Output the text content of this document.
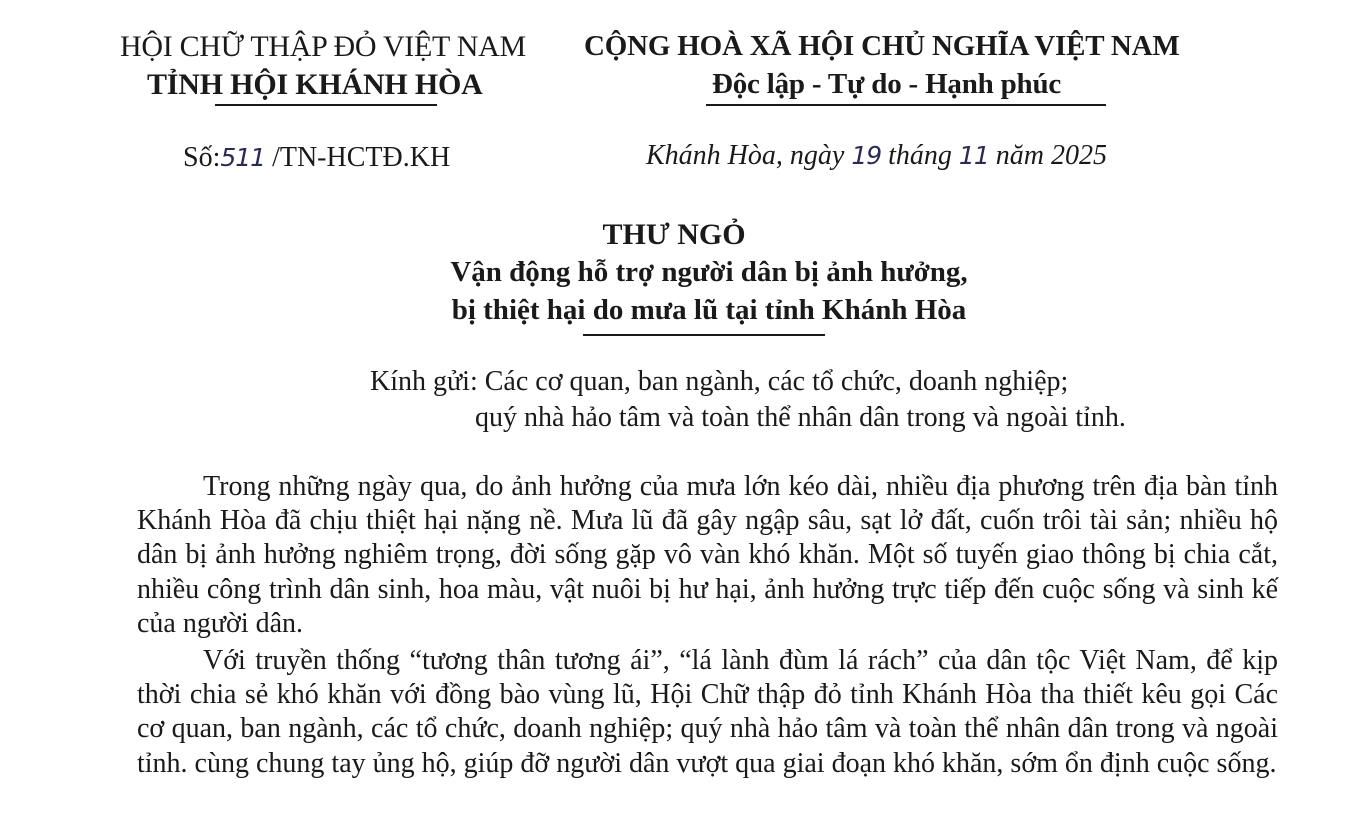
HỘI CHỮ THẬP ĐỎ VIỆT NAM
TỈNH HỘI KHÁNH HÒA
CỘNG HOÀ XÃ HỘI CHỦ NGHĨA VIỆT NAM
Độc lập - Tự do - Hạnh phúc
Số:511 /TN-HCTĐ.KH	Khánh Hòa, ngày 19 tháng 11 năm 2025
THƯ NGỎ
Vận động hỗ trợ người dân bị ảnh hưởng,
bị thiệt hại do mưa lũ tại tỉnh Khánh Hòa
Kính gửi: Các cơ quan, ban ngành, các tổ chức, doanh nghiệp;
quý nhà hảo tâm và toàn thể nhân dân trong và ngoài tỉnh.
Trong những ngày qua, do ảnh hưởng của mưa lớn kéo dài, nhiều địa phương trên địa bàn tỉnh Khánh Hòa đã chịu thiệt hại nặng nề. Mưa lũ đã gây ngập sâu, sạt lở đất, cuốn trôi tài sản; nhiều hộ dân bị ảnh hưởng nghiêm trọng, đời sống gặp vô vàn khó khăn. Một số tuyến giao thông bị chia cắt, nhiều công trình dân sinh, hoa màu, vật nuôi bị hư hại, ảnh hưởng trực tiếp đến cuộc sống và sinh kế của người dân.
Với truyền thống “tương thân tương ái”, “lá lành đùm lá rách” của dân tộc Việt Nam, để kịp thời chia sẻ khó khăn với đồng bào vùng lũ, Hội Chữ thập đỏ tỉnh Khánh Hòa tha thiết kêu gọi Các cơ quan, ban ngành, các tổ chức, doanh nghiệp; quý nhà hảo tâm và toàn thể nhân dân trong và ngoài tỉnh. cùng chung tay ủng hộ, giúp đỡ người dân vượt qua giai đoạn khó khăn, sớm ổn định cuộc sống.
